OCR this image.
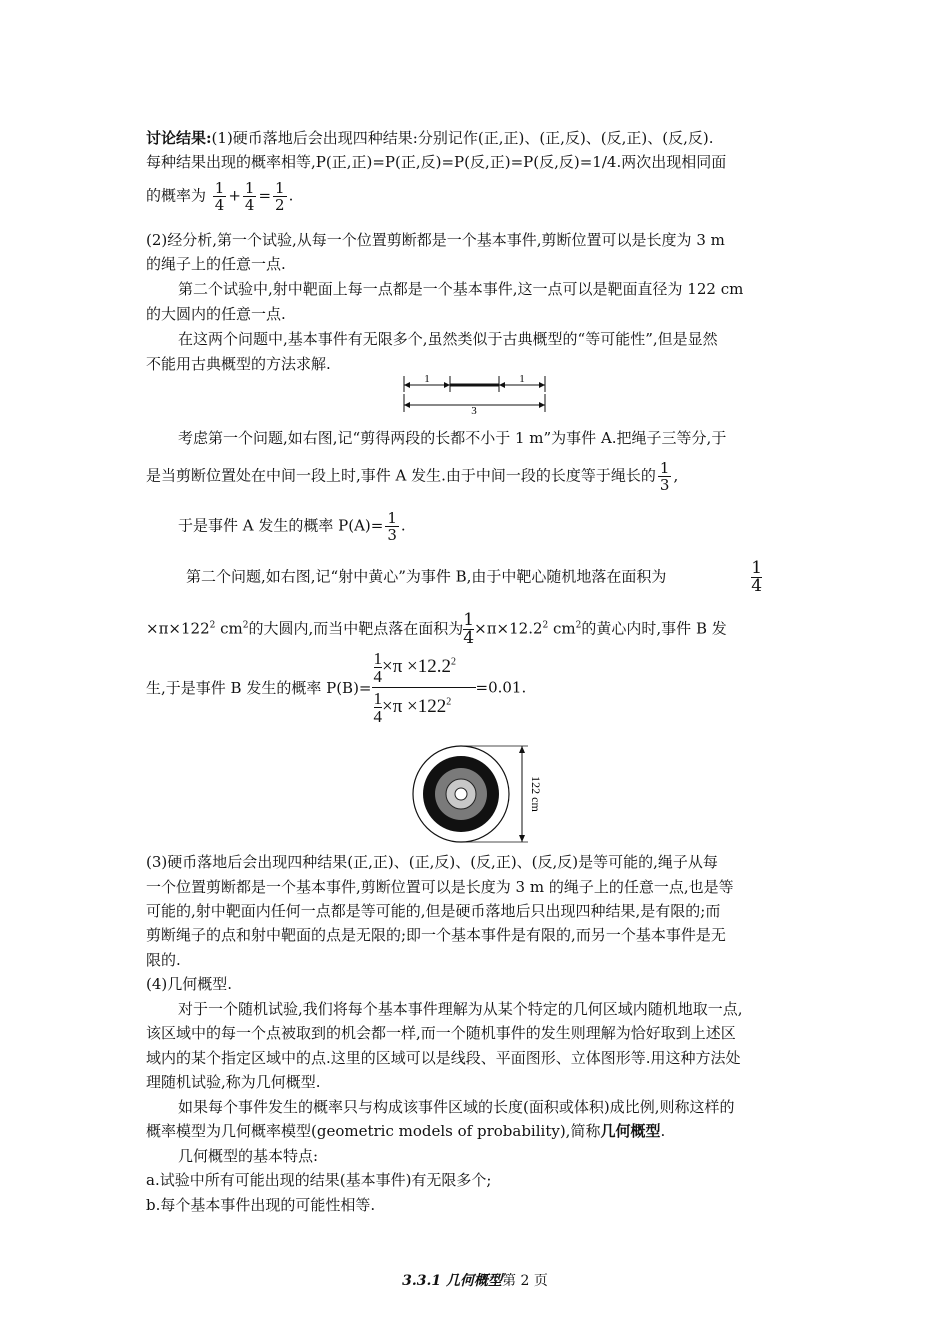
讨论结果:(1)硬币落地后会出现四种结果:分别记作(正,正)、(正,反)、(反,正)、(反,反).
每种结果出现的概率相等,P(正,正)=P(正,反)=P(反,正)=P(反,反)=1/4.两次出现相同面
的概率为 $\frac{1}{4} + \frac{1}{4} = \frac{1}{2}$ .
(2)经分析,第一个试验,从每一个位置剪断都是一个基本事件,剪断位置可以是长度为 3 m
的绳子上的任意一点.
第二个试验中,射中靶面上每一点都是一个基本事件,这一点可以是靶面直径为 122 cm
的大圆内的任意一点.
在这两个问题中,基本事件有无限多个,虽然类似于古典概型的“等可能性”,但是显然
不能用古典概型的方法求解.
1	1
3
考虑第一个问题,如右图,记“剪得两段的长都不小于 1 m”为事件 A.把绳子三等分,于
是当剪断位置处在中间一段上时,事件 A 发生.由于中间一段的长度等于绳长的 $\frac{1}{3}$ ,
于是事件 A 发生的概率 $P(A)= \frac{1}{3}$ .
第二个问题,如右图,记“射中黄心”为事件 B,由于中靶心随机地落在面积为	$\frac{1}{4}$
$\times\pi\times 122^2$ $cm^2$的大圆内,而当中靶点落在面积为 $\frac{1}{4} \times\pi\times 12.2^2$ $cm^2$的黄心内时,事件 B 发
生,于是事件 B 发生的概率 $P(B)= \frac{\frac{1}{4} \times\pi \times 12.2^2}{\frac{1}{4} \times\pi \times 122^2} =0.01$.
122 cm
(3)硬币落地后会出现四种结果(正,正)、(正,反)、(反,正)、(反,反)是等可能的,绳子从每
一个位置剪断都是一个基本事件,剪断位置可以是长度为 3 m 的绳子上的任意一点,也是等
可能的,射中靶面内任何一点都是等可能的,但是硬币落地后只出现四种结果,是有限的;而
剪断绳子的点和射中靶面的点是无限的;即一个基本事件是有限的,而另一个基本事件是无
限的.
(4)几何概型.
对于一个随机试验,我们将每个基本事件理解为从某个特定的几何区域内随机地取一点,
该区域中的每一个点被取到的机会都一样,而一个随机事件的发生则理解为恰好取到上述区
域内的某个指定区域中的点.这里的区域可以是线段、平面图形、立体图形等.用这种方法处
理随机试验,称为几何概型.
如果每个事件发生的概率只与构成该事件区域的长度(面积或体积)成比例,则称这样的
概率模型为几何概率模型(geometric models of probability),简称几何概型.
几何概型的基本特点:
a.试验中所有可能出现的结果(基本事件)有无限多个;
b.每个基本事件出现的可能性相等.
3.3.1 几何概型第 2 页
